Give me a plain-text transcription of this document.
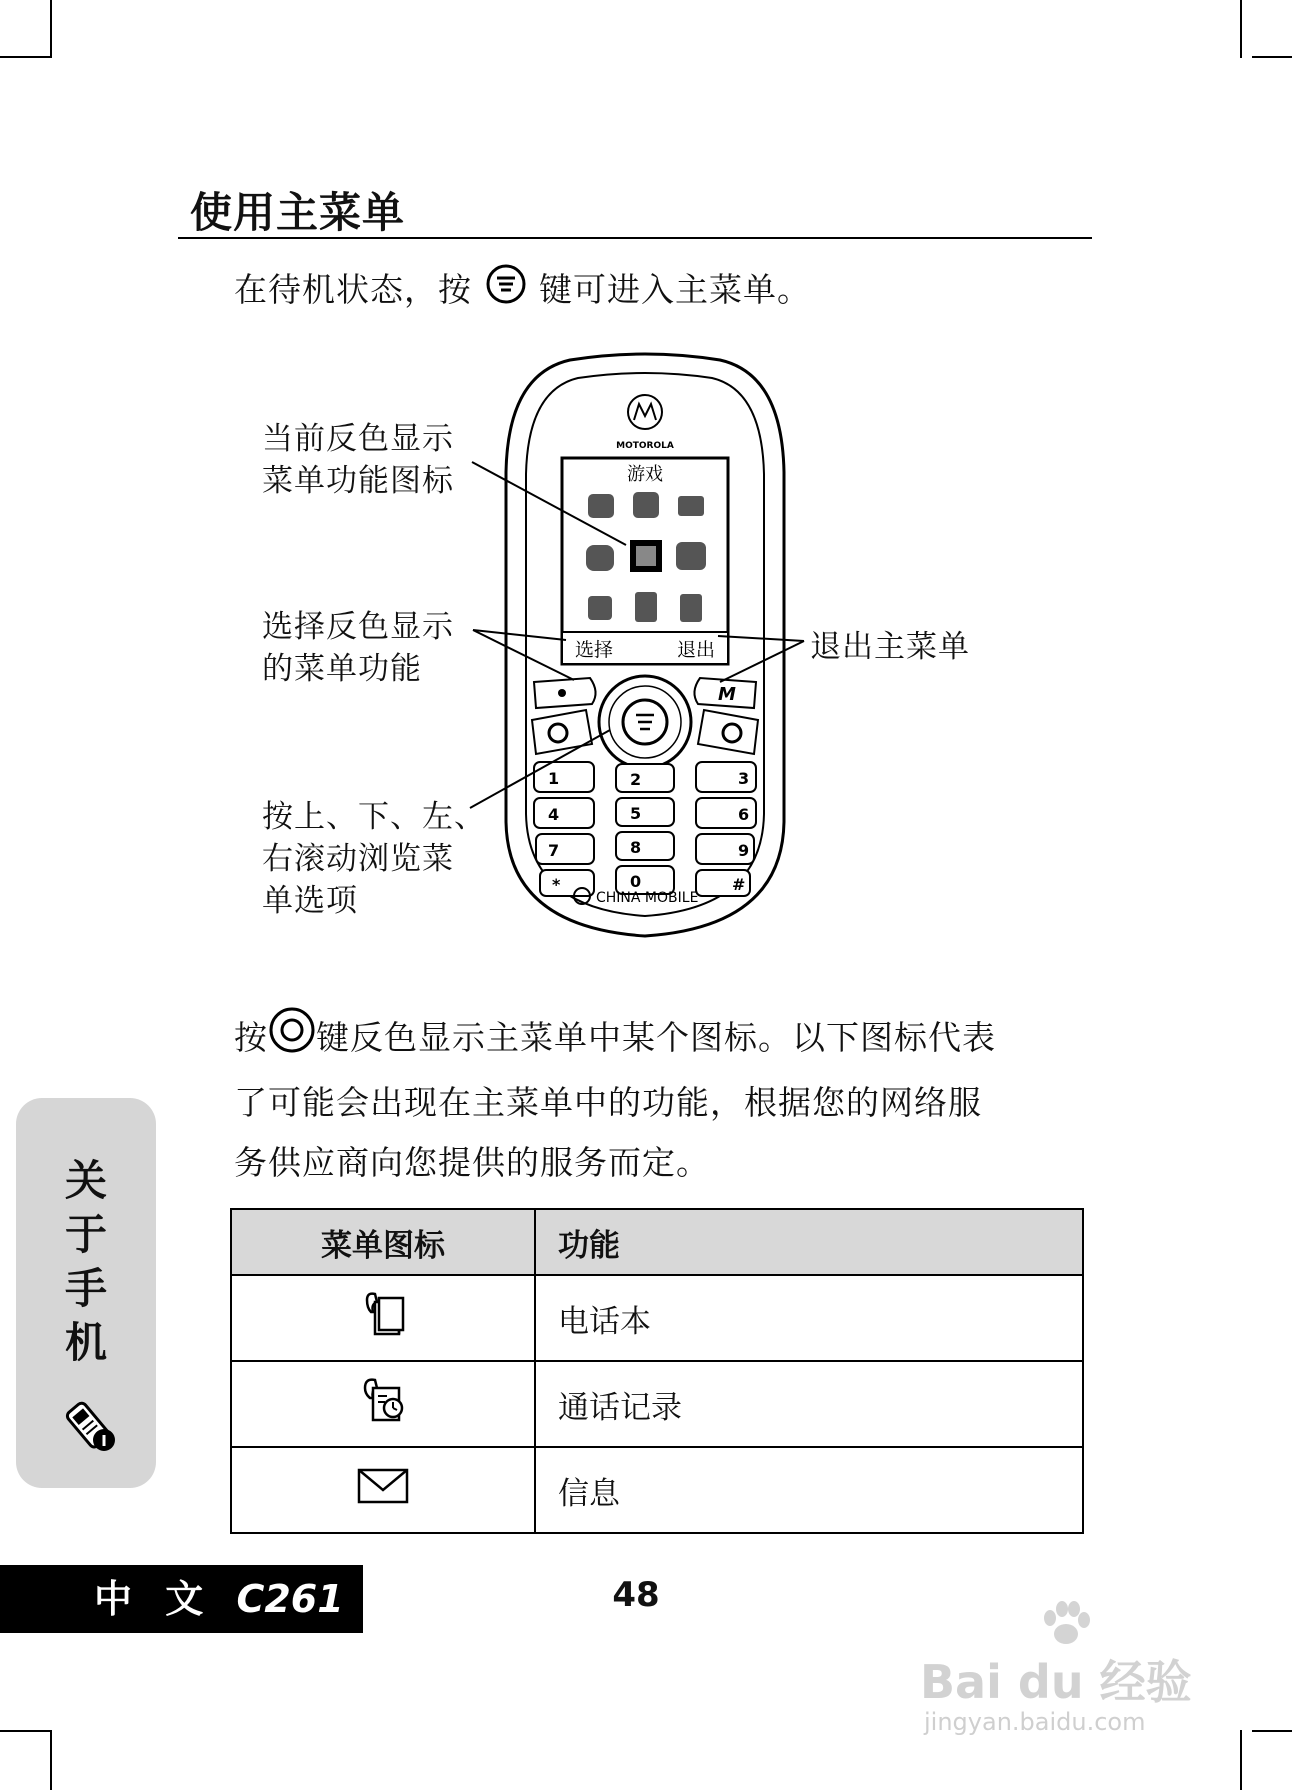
使用主菜单
在待机状态，按 键可进入主菜单。
MOTOROLA
游戏
选择	退出
M
1	2	3
4	5	6
7	8	9
*	0	#
CHINA MOBILE
当前反色显示
菜单功能图标
选择反色显示
的菜单功能
退出主菜单
按上、下、左、
右滚动浏览菜
单选项
按 键反色显示主菜单中某个图标。以下图标代表
了可能会出现在主菜单中的功能，根据您的网络服
务供应商向您提供的服务而定。
关
于
手
机
菜单图标	功能
	电话本
	通话记录
	信息
中 文 C261	48
Bai du 经验
jingyan.baidu.com
